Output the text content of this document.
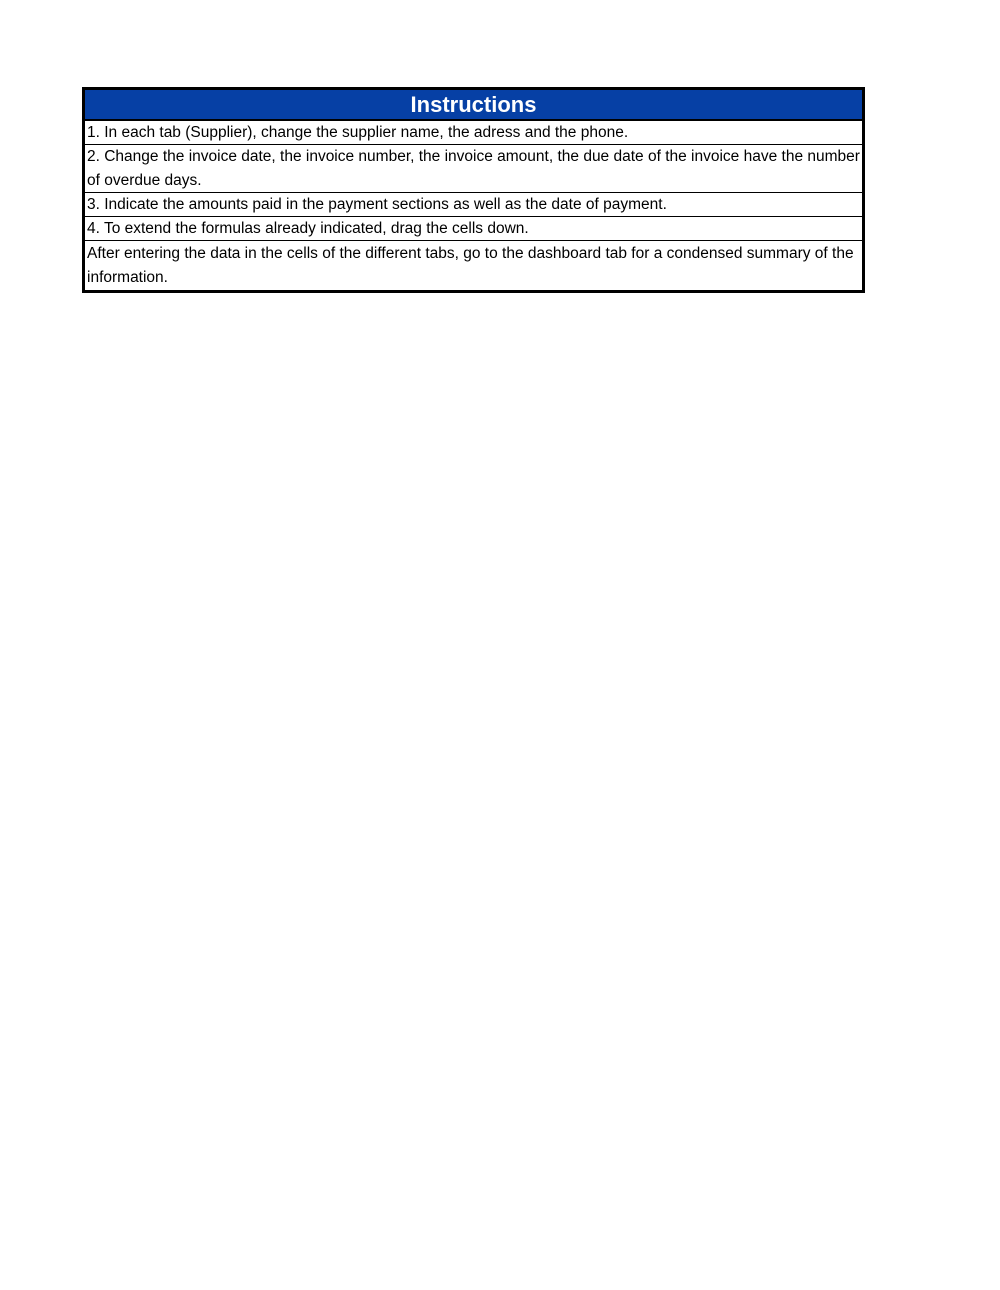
Instructions
1. In each tab (Supplier), change the supplier name, the adress and the phone.
2. Change the invoice date, the invoice number, the invoice amount, the due date of the invoice have the number of overdue days.
3. Indicate the amounts paid in the payment sections as well as the date of payment.
4. To extend the formulas already indicated, drag the cells down.
After entering the data in the cells of the different tabs, go to the dashboard tab for a condensed summary of the information.
